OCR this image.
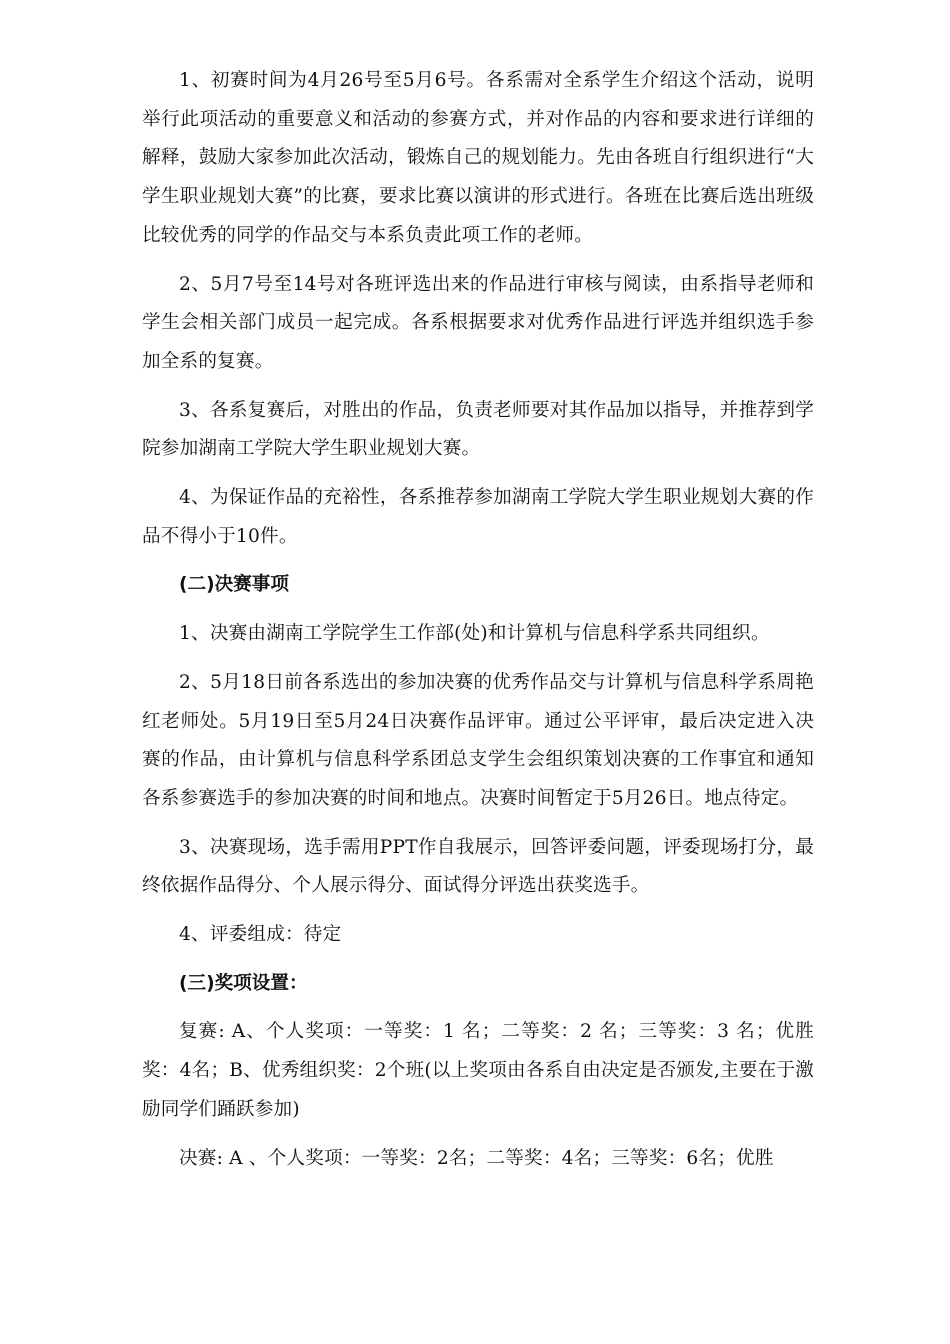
1、初赛时间为4月26号至5月6号。各系需对全系学生介绍这个活动，说明举行此项活动的重要意义和活动的参赛方式，并对作品的内容和要求进行详细的解释，鼓励大家参加此次活动，锻炼自己的规划能力。先由各班自行组织进行“大学生职业规划大赛”的比赛，要求比赛以演讲的形式进行。各班在比赛后选出班级比较优秀的同学的作品交与本系负责此项工作的老师。

2、5月7号至14号对各班评选出来的作品进行审核与阅读，由系指导老师和学生会相关部门成员一起完成。各系根据要求对优秀作品进行评选并组织选手参加全系的复赛。

3、各系复赛后，对胜出的作品，负责老师要对其作品加以指导，并推荐到学院参加湖南工学院大学生职业规划大赛。

4、为保证作品的充裕性，各系推荐参加湖南工学院大学生职业规划大赛的作品不得小于10件。

(二)决赛事项

1、决赛由湖南工学院学生工作部(处)和计算机与信息科学系共同组织。

2、5月18日前各系选出的参加决赛的优秀作品交与计算机与信息科学系周艳红老师处。5月19日至5月24日决赛作品评审。通过公平评审，最后决定进入决赛的作品，由计算机与信息科学系团总支学生会组织策划决赛的工作事宜和通知各系参赛选手的参加决赛的时间和地点。决赛时间暂定于5月26日。地点待定。

3、决赛现场，选手需用PPT作自我展示，回答评委问题，评委现场打分，最终依据作品得分、个人展示得分、面试得分评选出获奖选手。

4、评委组成：待定

(三)奖项设置：

复赛: A、个人奖项：一等奖：1 名；二等奖：2 名；三等奖：3 名；优胜奖：4名；B、优秀组织奖：2个班(以上奖项由各系自由决定是否颁发,主要在于激励同学们踊跃参加)

决赛: A 、个人奖项：一等奖：2名；二等奖：4名；三等奖：6名；优胜
